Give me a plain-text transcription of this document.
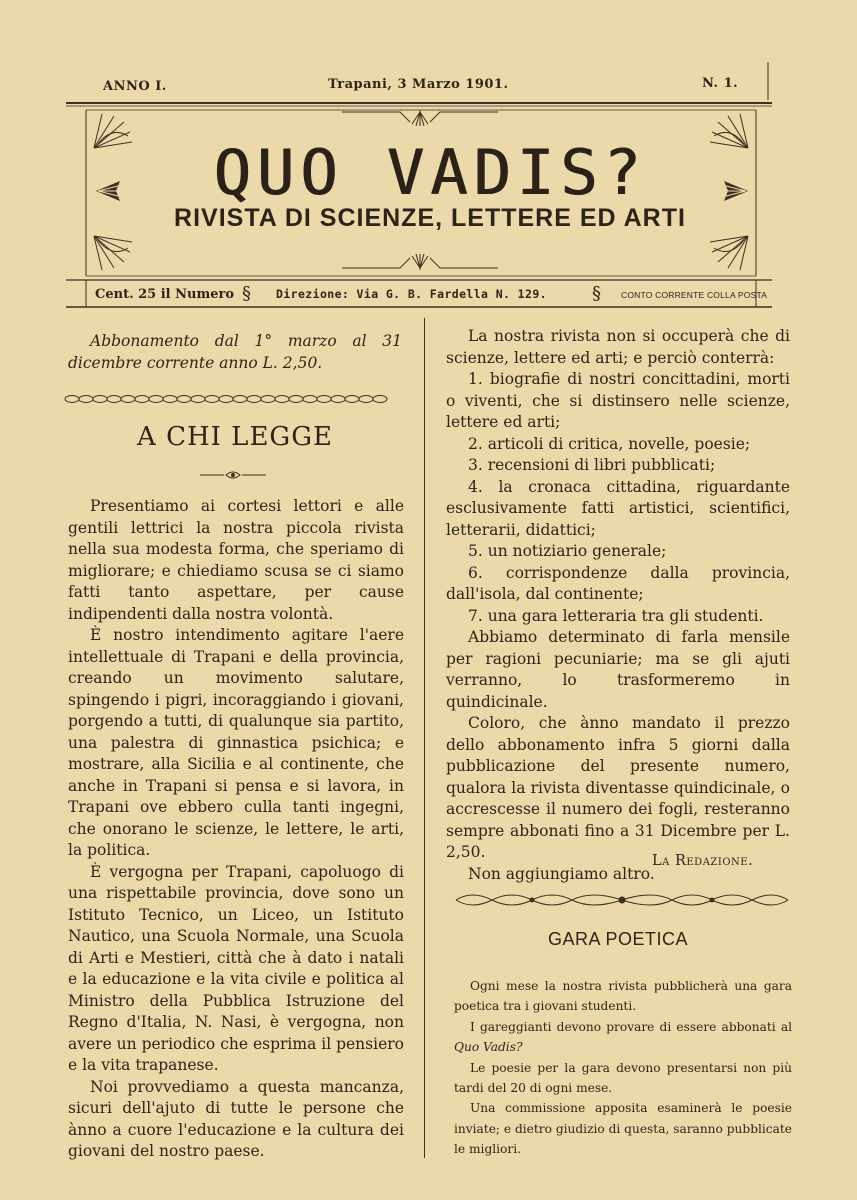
ANNO I.	Trapani, 3 Marzo 1901.	N. 1.
QUO VADIS?
RIVISTA DI SCIENZE, LETTERE ED ARTI
Cent. 25 il Numero § Direzione: Via G. B. Fardella N. 129.	§ CONTO CORRENTE COLLA POSTA
Abbonamento dal 1° marzo al 31 dicembre corrente anno L. 2,50.
A CHI LEGGE

Presentiamo ai cortesi lettori e alle gentili lettrici la nostra piccola rivista nella sua modesta forma, che speriamo di migliorare; e chiediamo scusa se ci siamo fatti tanto aspettare, per cause indipendenti dalla nostra volontà.

È nostro intendimento agitare l'aere intellettuale di Trapani e della provincia, creando un movimento salutare, spingendo i pigri, incoraggiando i giovani, porgendo a tutti, di qualunque sia partito, una palestra di ginnastica psichica; e mostrare, alla Sicilia e al continente, che anche in Trapani si pensa e si lavora, in Trapani ove ebbero culla tanti ingegni, che onorano le scienze, le lettere, le arti, la politica.

È vergogna per Trapani, capoluogo di una rispettabile provincia, dove sono un Istituto Tecnico, un Liceo, un Istituto Nautico, una Scuola Normale, una Scuola di Arti e Mestieri, città che à dato i natali e la educazione e la vita civile e politica al Ministro della Pubblica Istruzione del Regno d'Italia, N. Nasi, è vergogna, non avere un periodico che esprima il pensiero e la vita trapanese.

Noi provvediamo a questa mancanza, sicuri dell'ajuto di tutte le persone che ànno a cuore l'educazione e la cultura dei giovani del nostro paese.

La nostra rivista non si occuperà che di scienze, lettere ed arti; e perciò conterrà:

1. biografie di nostri concittadini, morti o viventi, che si distinsero nelle scienze, lettere ed arti;

2. articoli di critica, novelle, poesie;

3. recensioni di libri pubblicati;

4. la cronaca cittadina, riguardante esclusivamente fatti artistici, scientifici, letterarii, didattici;

5. un notiziario generale;

6. corrispondenze dalla provincia, dall'isola, dal continente;

7. una gara letteraria tra gli studenti.

Abbiamo determinato di farla mensile per ragioni pecuniarie; ma se gli ajuti verranno, lo trasformeremo in quindicinale.

Coloro, che ànno mandato il prezzo dello abbonamento infra 5 giorni dalla pubblicazione del presente numero, qualora la rivista diventasse quindicinale, o accrescesse il numero dei fogli, resteranno sempre abbonati fino a 31 Dicembre per L. 2,50.

Non aggiungiamo altro.

La Redazione.
GARA POETICA

Ogni mese la nostra rivista pubblicherà una gara poetica tra i giovani studenti.

I gareggianti devono provare di essere abbonati al Quo Vadis?

Le poesie per la gara devono presentarsi non più tardi del 20 di ogni mese.

Una commissione apposita esaminerà le poesie inviate; e dietro giudizio di questa, saranno pubblicate le migliori.
